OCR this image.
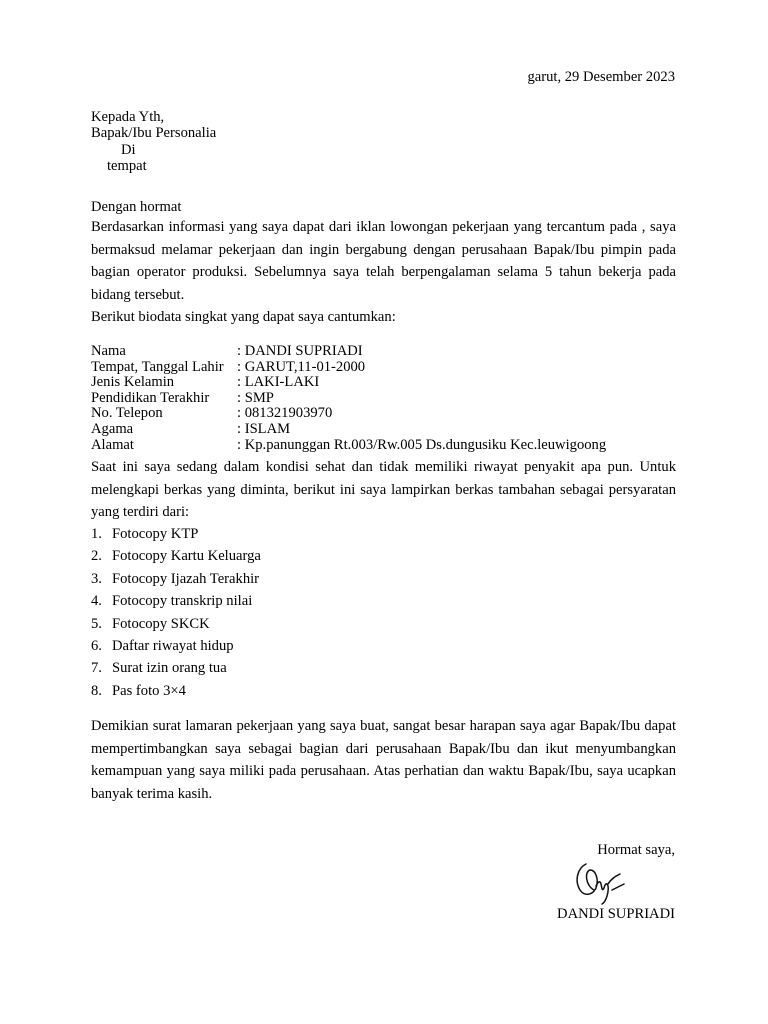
garut, 29 Desember 2023
Kepada Yth,
Bapak/Ibu Personalia
Di
tempat
Dengan hormat
Berdasarkan informasi yang saya dapat dari iklan lowongan pekerjaan yang tercantum pada , saya bermaksud melamar pekerjaan dan ingin bergabung dengan perusahaan Bapak/Ibu pimpin pada bagian operator produksi. Sebelumnya saya telah berpengalaman selama 5 tahun bekerja pada bidang tersebut.
Berikut biodata singkat yang dapat saya cantumkan:
Nama	: DANDI SUPRIADI
Tempat, Tanggal Lahir : GARUT,11-01-2000
Jenis Kelamin	: LAKI-LAKI
Pendidikan Terakhir	: SMP
No. Telepon	: 081321903970
Agama	: ISLAM
Alamat	: Kp.panunggan Rt.003/Rw.005 Ds.dungusiku Kec.leuwigoong
Saat ini saya sedang dalam kondisi sehat dan tidak memiliki riwayat penyakit apa pun. Untuk melengkapi berkas yang diminta, berikut ini saya lampirkan berkas tambahan sebagai persyaratan yang terdiri dari:
1. Fotocopy KTP
2. Fotocopy Kartu Keluarga
3. Fotocopy Ijazah Terakhir
4. Fotocopy transkrip nilai
5. Fotocopy SKCK
6. Daftar riwayat hidup
7. Surat izin orang tua
8. Pas foto 3×4
Demikian surat lamaran pekerjaan yang saya buat, sangat besar harapan saya agar Bapak/Ibu dapat mempertimbangkan saya sebagai bagian dari perusahaan Bapak/Ibu dan ikut menyumbangkan kemampuan yang saya miliki pada perusahaan. Atas perhatian dan waktu Bapak/Ibu, saya ucapkan banyak terima kasih.
Hormat saya,
DANDI SUPRIADI
